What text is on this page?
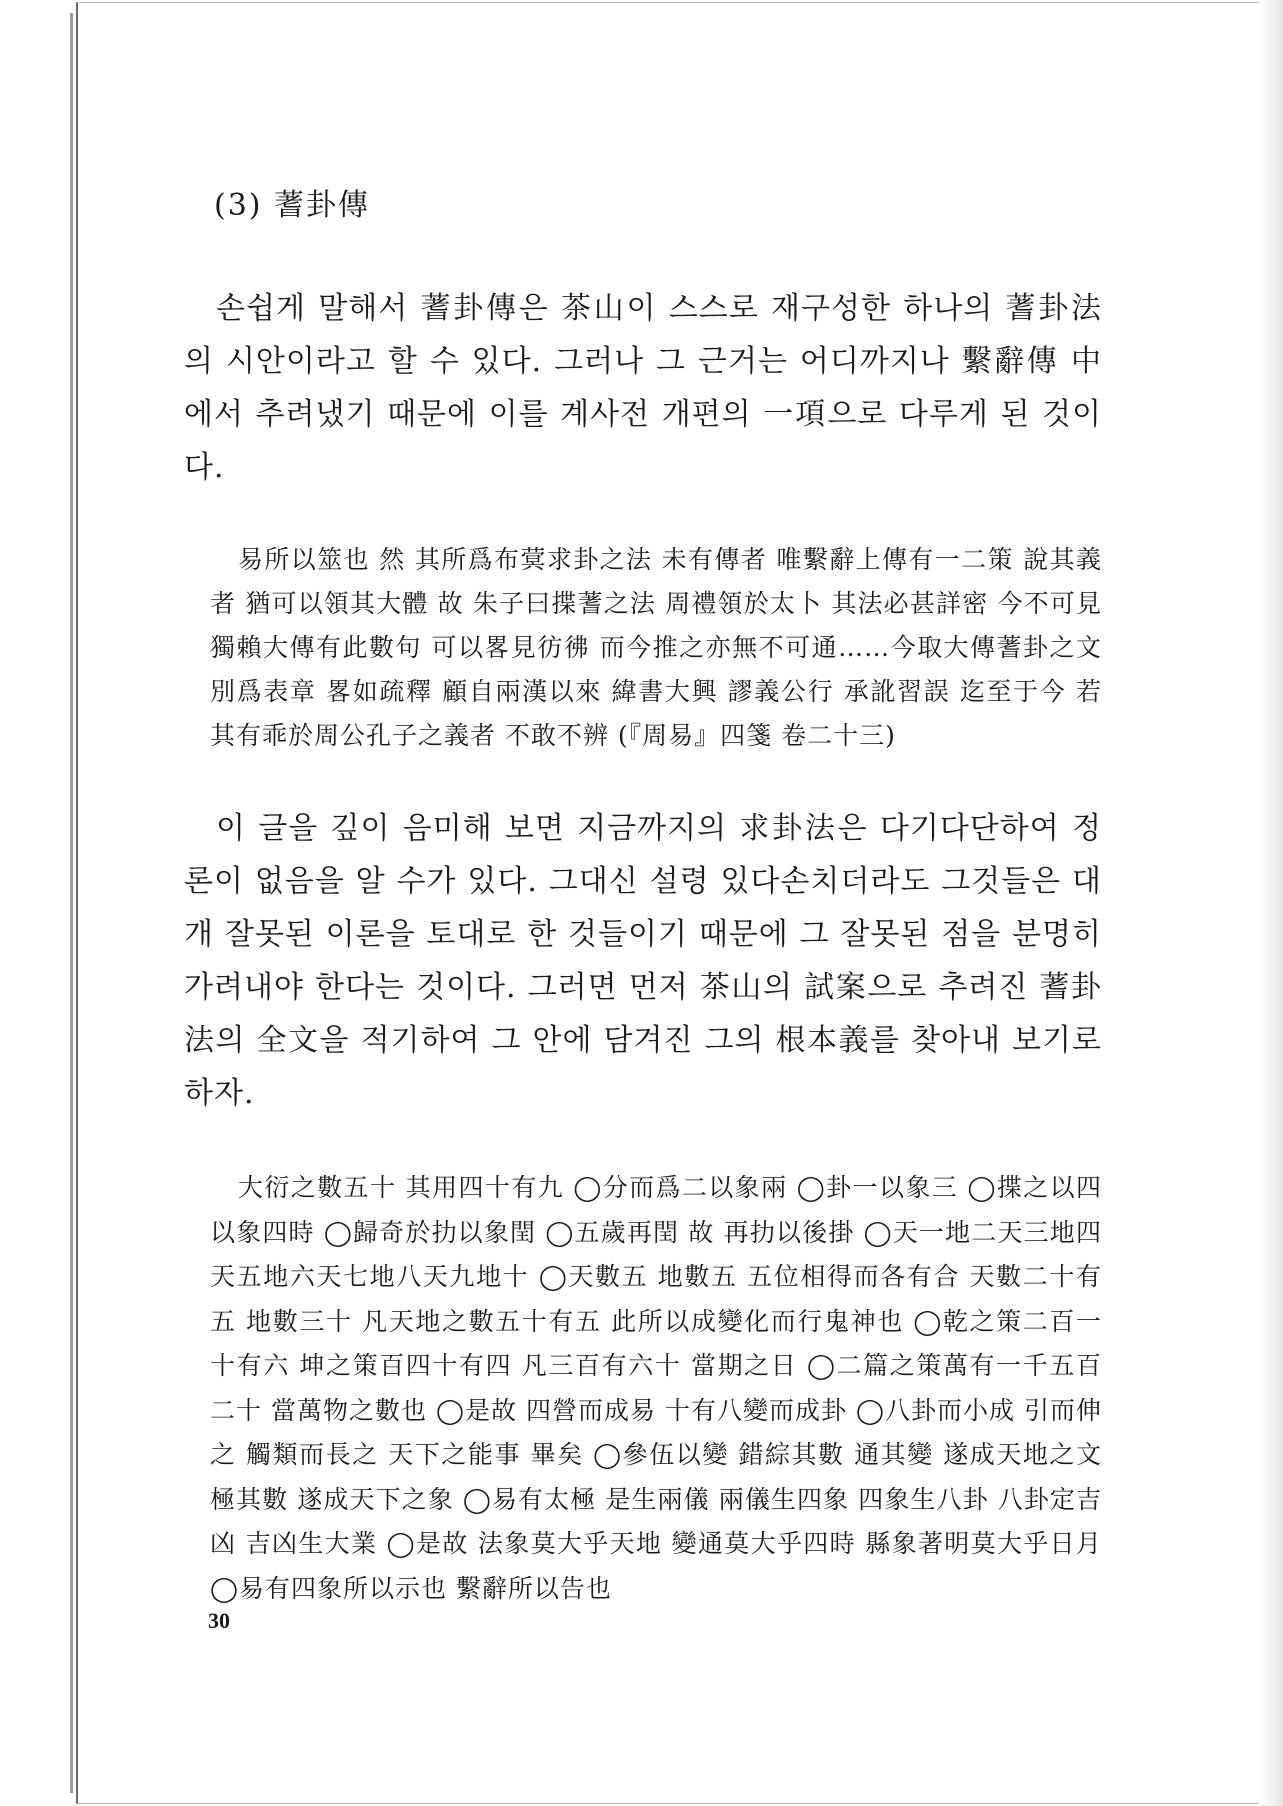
(3) 蓍卦傳

손쉽게 말해서 蓍卦傳은 茶山이 스스로 재구성한 하나의 蓍卦法의 시안이라고 할 수 있다. 그러나 그 근거는 어디까지나 繫辭傳 中에서 추려냈기 때문에 이를 계사전 개편의 一項으로 다루게 된 것이다.

易所以筮也 然 其所爲布蓂求卦之法 未有傳者 唯繫辭上傳有一二策 說其義者 猶可以領其大體 故 朱子曰揲蓍之法 周禮領於太卜 其法必甚詳密 今不可見 獨賴大傳有此數句 可以畧見彷彿 而今推之亦無不可通……今取大傳蓍卦之文 別爲表章 畧如疏釋 顧自兩漢以來 緯書大興 謬義公行 承訛習誤 迄至于今 若其有乖於周公孔子之義者 不敢不辨 (『周易』四箋 卷二十三)

이 글을 깊이 음미해 보면 지금까지의 求卦法은 다기다단하여 정론이 없음을 알 수가 있다. 그대신 설령 있다손치더라도 그것들은 대개 잘못된 이론을 토대로 한 것들이기 때문에 그 잘못된 점을 분명히 가려내야 한다는 것이다. 그러면 먼저 茶山의 試案으로 추려진 蓍卦法의 全文을 적기하여 그 안에 담겨진 그의 根本義를 찾아내 보기로 하자.

大衍之數五十 其用四十有九 ◯分而爲二以象兩 ◯卦一以象三 ◯揲之以四以象四時 ◯歸奇於扐以象閏 ◯五歲再閏 故 再扐以後掛 ◯天一地二天三地四天五地六天七地八天九地十 ◯天數五 地數五 五位相得而各有合 天數二十有五 地數三十 凡天地之數五十有五 此所以成變化而行鬼神也 ◯乾之策二百一十有六 坤之策百四十有四 凡三百有六十 當期之日 ◯二篇之策萬有一千五百二十 當萬物之數也 ◯是故 四營而成易 十有八變而成卦 ◯八卦而小成 引而伸之 觸類而長之 天下之能事 畢矣 ◯參伍以變 錯綜其數 通其變 遂成天地之文 極其數 遂成天下之象 ◯易有太極 是生兩儀 兩儀生四象 四象生八卦 八卦定吉凶 吉凶生大業 ◯是故 法象莫大乎天地 變通莫大乎四時 縣象著明莫大乎日月 ◯易有四象所以示也 繫辭所以告也

30
